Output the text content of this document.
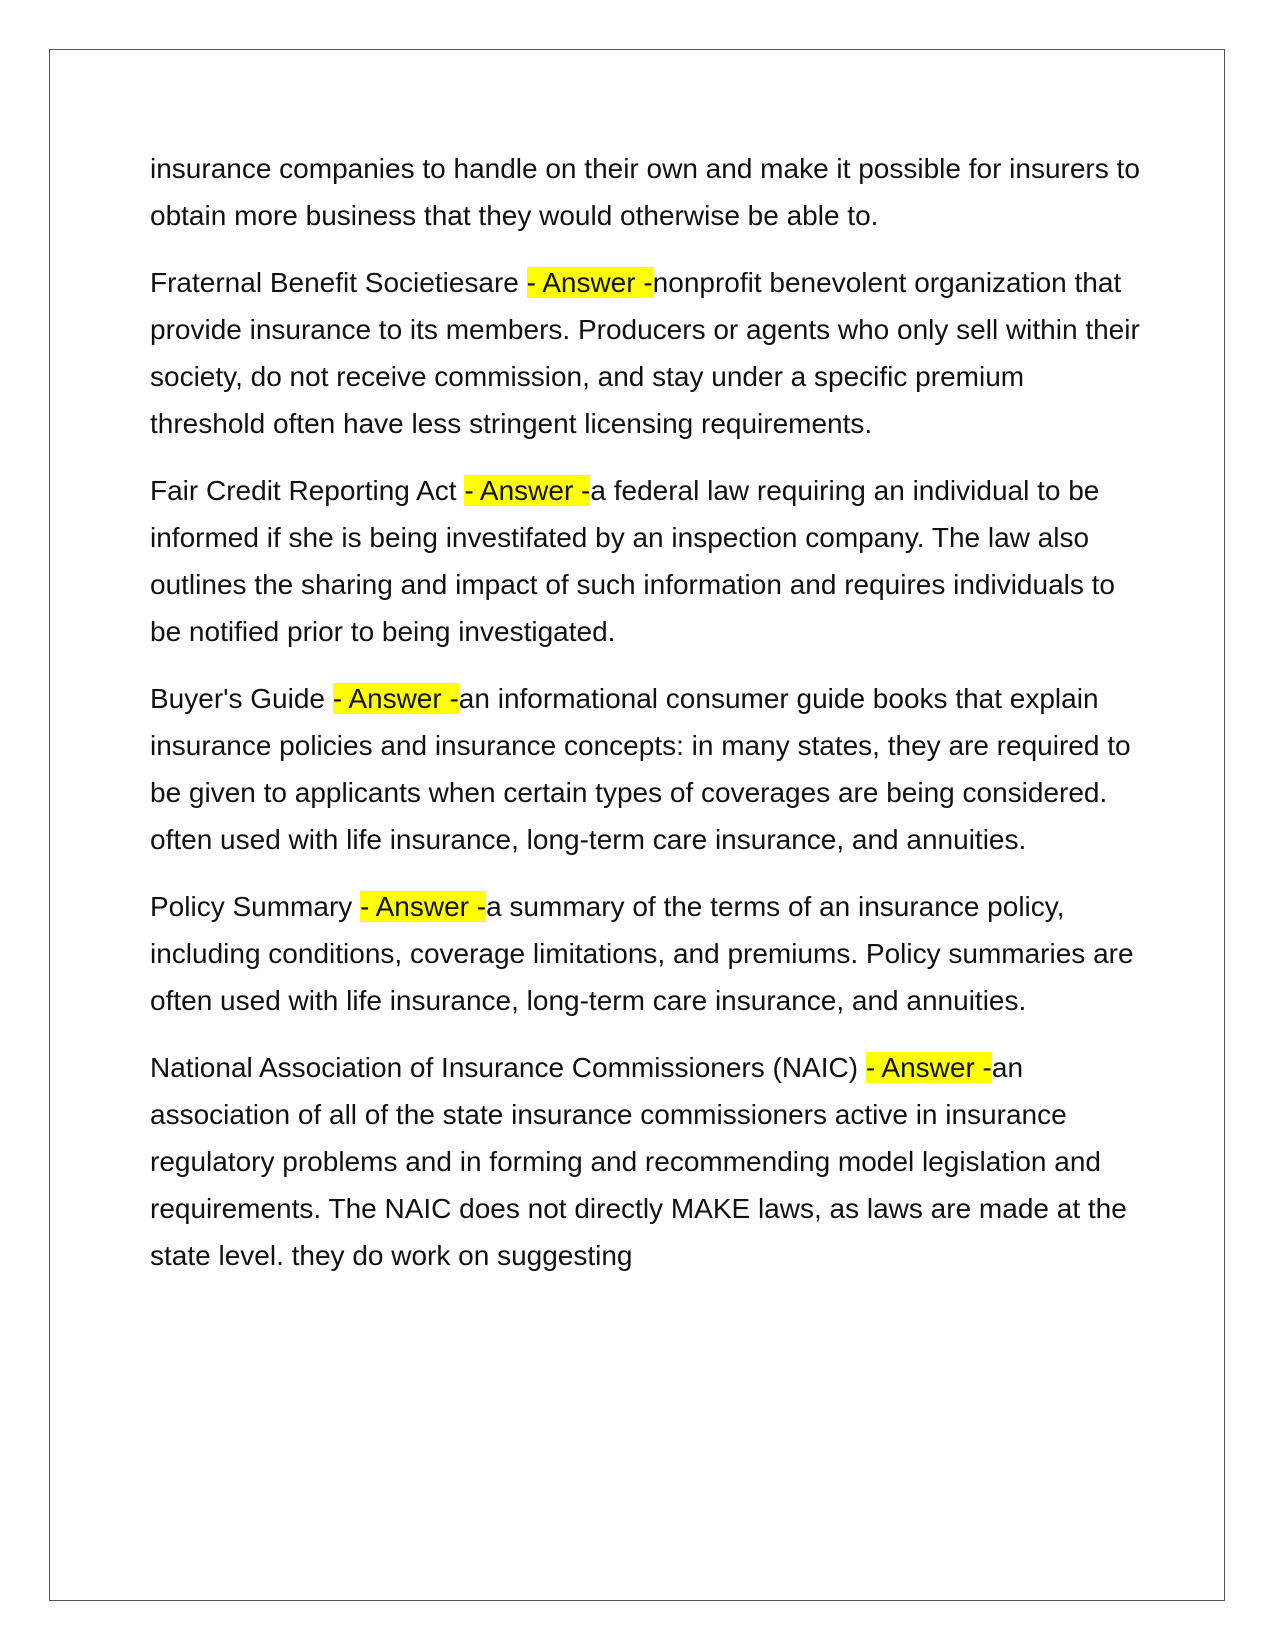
insurance companies to handle on their own and make it possible for insurers to obtain more business that they would otherwise be able to.

Fraternal Benefit Societiesare - Answer -nonprofit benevolent organization that provide insurance to its members. Producers or agents who only sell within their society, do not receive commission, and stay under a specific premium threshold often have less stringent licensing requirements.

Fair Credit Reporting Act - Answer -a federal law requiring an individual to be informed if she is being investifated by an inspection company. The law also outlines the sharing and impact of such information and requires individuals to be notified prior to being investigated.

Buyer's Guide - Answer -an informational consumer guide books that explain insurance policies and insurance concepts: in many states, they are required to be given to applicants when certain types of coverages are being considered. often used with life insurance, long-term care insurance, and annuities.

Policy Summary - Answer -a summary of the terms of an insurance policy, including conditions, coverage limitations, and premiums. Policy summaries are often used with life insurance, long-term care insurance, and annuities.

National Association of Insurance Commissioners (NAIC) - Answer -an association of all of the state insurance commissioners active in insurance regulatory problems and in forming and recommending model legislation and requirements. The NAIC does not directly MAKE laws, as laws are made at the state level. they do work on suggesting
